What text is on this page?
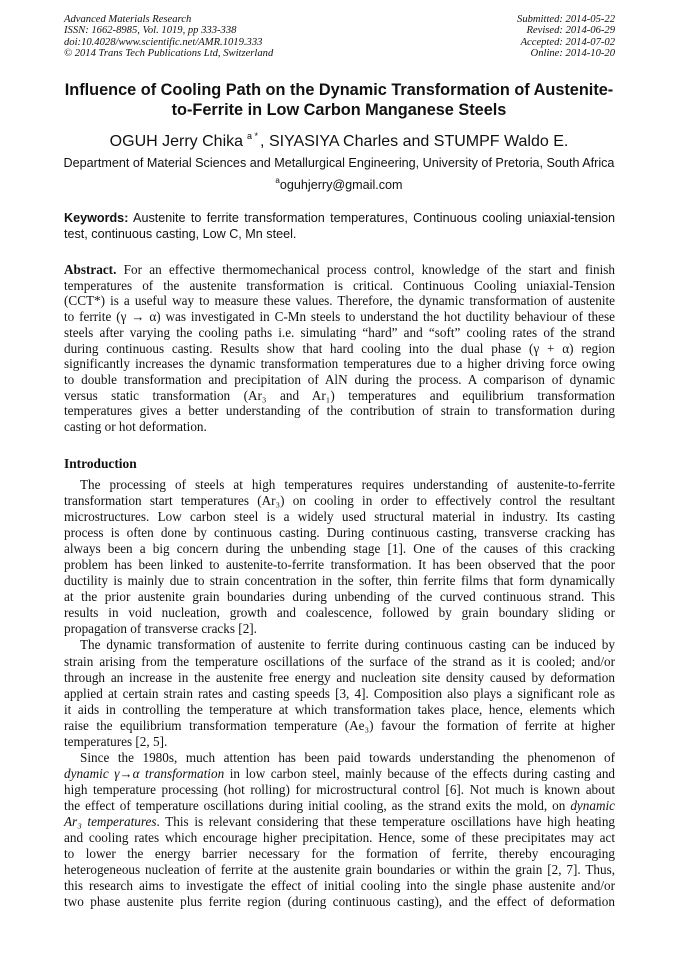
Advanced Materials Research
ISSN: 1662-8985, Vol. 1019, pp 333-338
doi:10.4028/www.scientific.net/AMR.1019.333
© 2014 Trans Tech Publications Ltd, Switzerland
Submitted: 2014-05-22
Revised: 2014-06-29
Accepted: 2014-07-02
Online: 2014-10-20
Influence of Cooling Path on the Dynamic Transformation of Austenite-
to-Ferrite in Low Carbon Manganese Steels
OGUH Jerry Chika $^{a *}$ , SIYASIYA Charles and STUMPF Waldo E.
Department of Material Sciences and Metallurgical Engineering, University of Pretoria, South Africa
$^a$oguhjerry@gmail.com
Keywords: Austenite to ferrite transformation temperatures, Continuous cooling uniaxial-tension
test, continuous casting, Low C, Mn steel.
Abstract. For an effective thermomechanical process control, knowledge of the start and finish
temperatures of the austenite transformation is critical. Continuous Cooling uniaxial-Tension
(CCT*) is a useful way to measure these values. Therefore, the dynamic transformation of austenite
to ferrite (γ → α) was investigated in C-Mn steels to understand the hot ductility behaviour of these
steels after varying the cooling paths i.e. simulating “hard” and “soft” cooling rates of the strand
during continuous casting. Results show that hard cooling into the dual phase (γ + α) region
significantly increases the dynamic transformation temperatures due to a higher driving force owing
to double transformation and precipitation of AlN during the process. A comparison of dynamic
versus static transformation (Ar₃ and Ar₁) temperatures and equilibrium transformation
temperatures gives a better understanding of the contribution of strain to transformation during
casting or hot deformation.
Introduction
The processing of steels at high temperatures requires understanding of austenite-to-ferrite
transformation start temperatures (Ar₃) on cooling in order to effectively control the resultant
microstructures. Low carbon steel is a widely used structural material in industry. Its casting
process is often done by continuous casting. During continuous casting, transverse cracking has
always been a big concern during the unbending stage [1]. One of the causes of this cracking
problem has been linked to austenite-to-ferrite transformation. It has been observed that the poor
ductility is mainly due to strain concentration in the softer, thin ferrite films that form dynamically
at the prior austenite grain boundaries during unbending of the curved continuous strand. This
results in void nucleation, growth and coalescence, followed by grain boundary sliding or
propagation of transverse cracks [2].
The dynamic transformation of austenite to ferrite during continuous casting can be induced by
strain arising from the temperature oscillations of the surface of the strand as it is cooled; and/or
through an increase in the austenite free energy and nucleation site density caused by deformation
applied at certain strain rates and casting speeds [3, 4]. Composition also plays a significant role as
it aids in controlling the temperature at which transformation takes place, hence, elements which
raise the equilibrium transformation temperature (Ae₃) favour the formation of ferrite at higher
temperatures [2, 5].
Since the 1980s, much attention has been paid towards understanding the phenomenon of
dynamic γ→α transformation in low carbon steel, mainly because of the effects during casting and
high temperature processing (hot rolling) for microstructural control [6]. Not much is known about
the effect of temperature oscillations during initial cooling, as the strand exits the mold, on dynamic
Ar₃ temperatures. This is relevant considering that these temperature oscillations have high heating
and cooling rates which encourage higher precipitation. Hence, some of these precipitates may act
to lower the energy barrier necessary for the formation of ferrite, thereby encouraging
heterogeneous nucleation of ferrite at the austenite grain boundaries or within the grain [2, 7]. Thus,
this research aims to investigate the effect of initial cooling into the single phase austenite and/or
two phase austenite plus ferrite region (during continuous casting), and the effect of deformation
